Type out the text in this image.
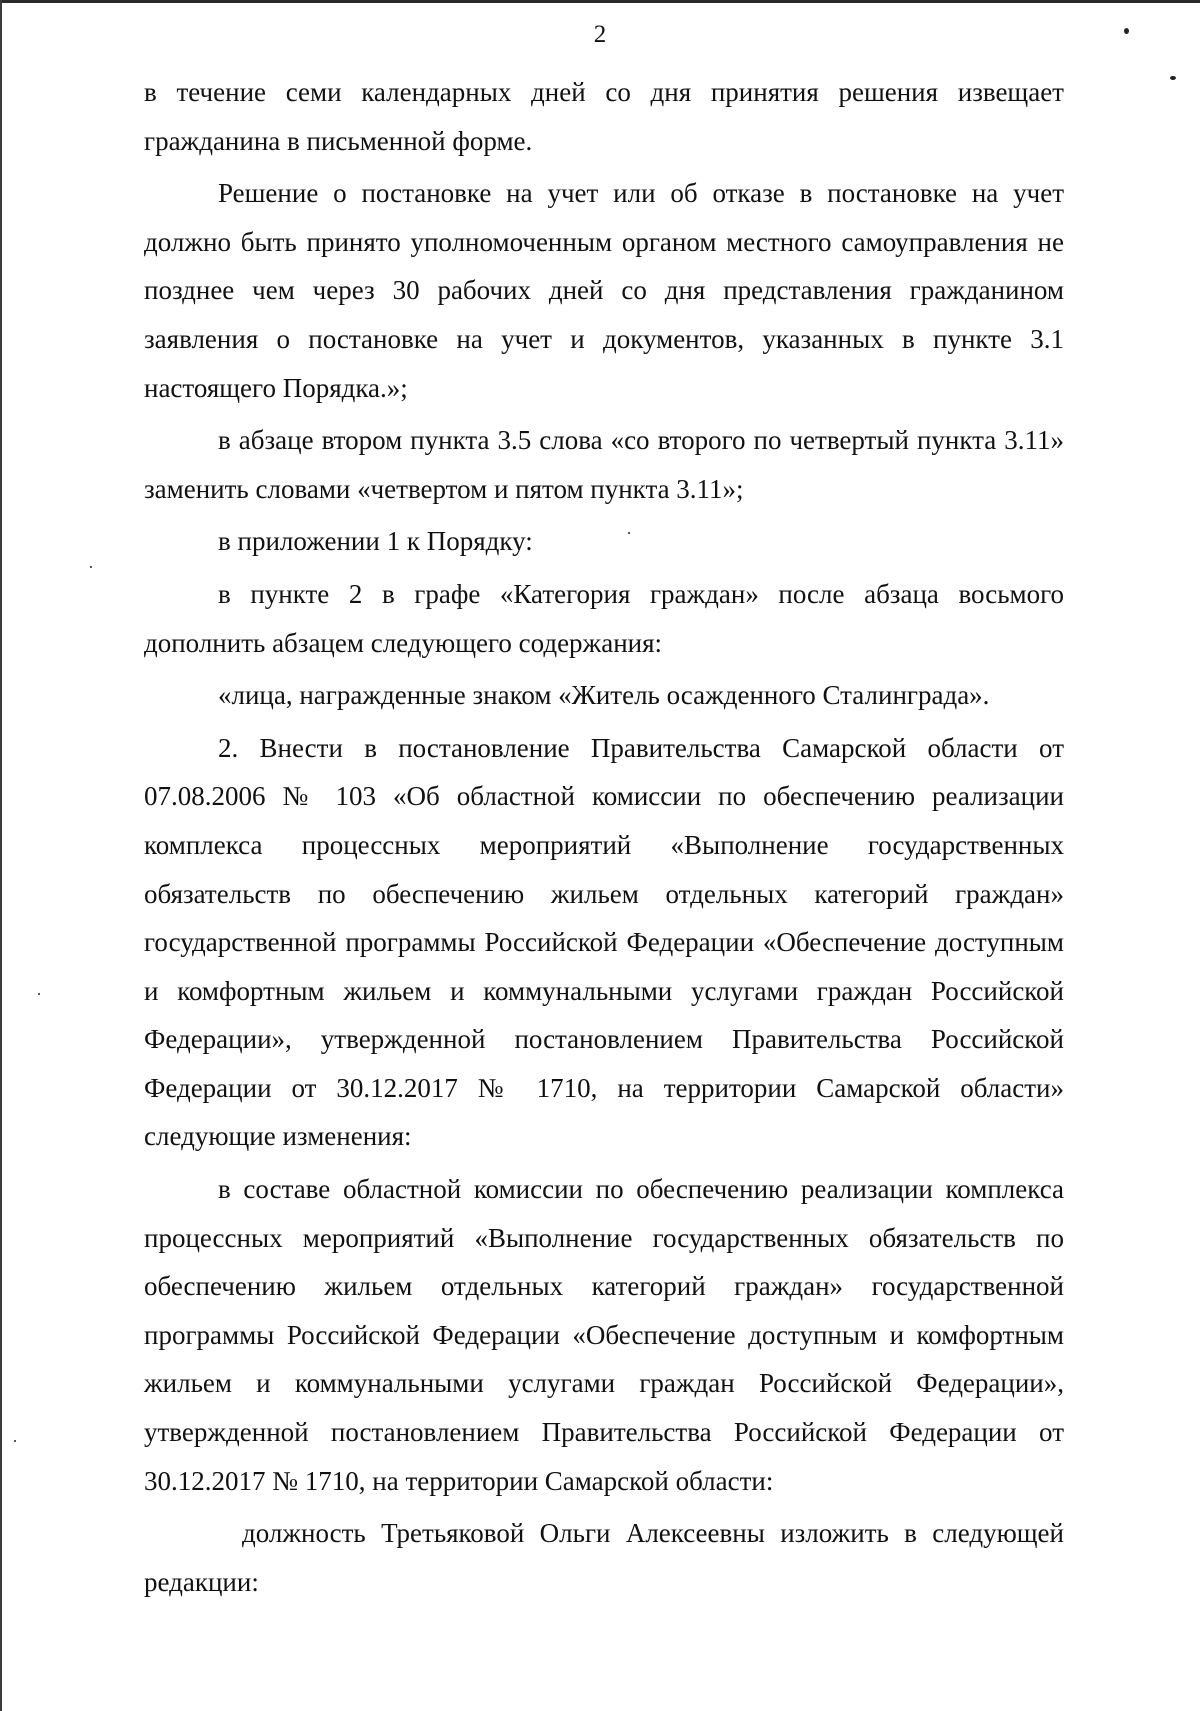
2

в течение семи календарных дней со дня принятия решения извещает гражданина в письменной форме.

Решение о постановке на учет или об отказе в постановке на учет должно быть принято уполномоченным органом местного самоуправления не позднее чем через 30 рабочих дней со дня представления гражданином заявления о постановке на учет и документов, указанных в пункте 3.1 настоящего Порядка.»;

в абзаце втором пункта 3.5 слова «со второго по четвертый пункта 3.11» заменить словами «четвертом и пятом пункта 3.11»;

в приложении 1 к Порядку:

в пункте 2 в графе «Категория граждан» после абзаца восьмого дополнить абзацем следующего содержания:

«лица, награжденные знаком «Житель осажденного Сталинграда».

2. Внести в постановление Правительства Самарской области от 07.08.2006 № 103 «Об областной комиссии по обеспечению реализации комплекса процессных мероприятий «Выполнение государственных обязательств по обеспечению жильем отдельных категорий граждан» государственной программы Российской Федерации «Обеспечение доступным и комфортным жильем и коммунальными услугами граждан Российской Федерации», утвержденной постановлением Правительства Российской Федерации от 30.12.2017 № 1710, на территории Самарской области» следующие изменения:

в составе областной комиссии по обеспечению реализации комплекса процессных мероприятий «Выполнение государственных обязательств по обеспечению жильем отдельных категорий граждан» государственной программы Российской Федерации «Обеспечение доступным и комфортным жильем и коммунальными услугами граждан Российской Федерации», утвержденной постановлением Правительства Российской Федерации от 30.12.2017 № 1710, на территории Самарской области:

должность Третьяковой Ольги Алексеевны изложить в следующей редакции:
